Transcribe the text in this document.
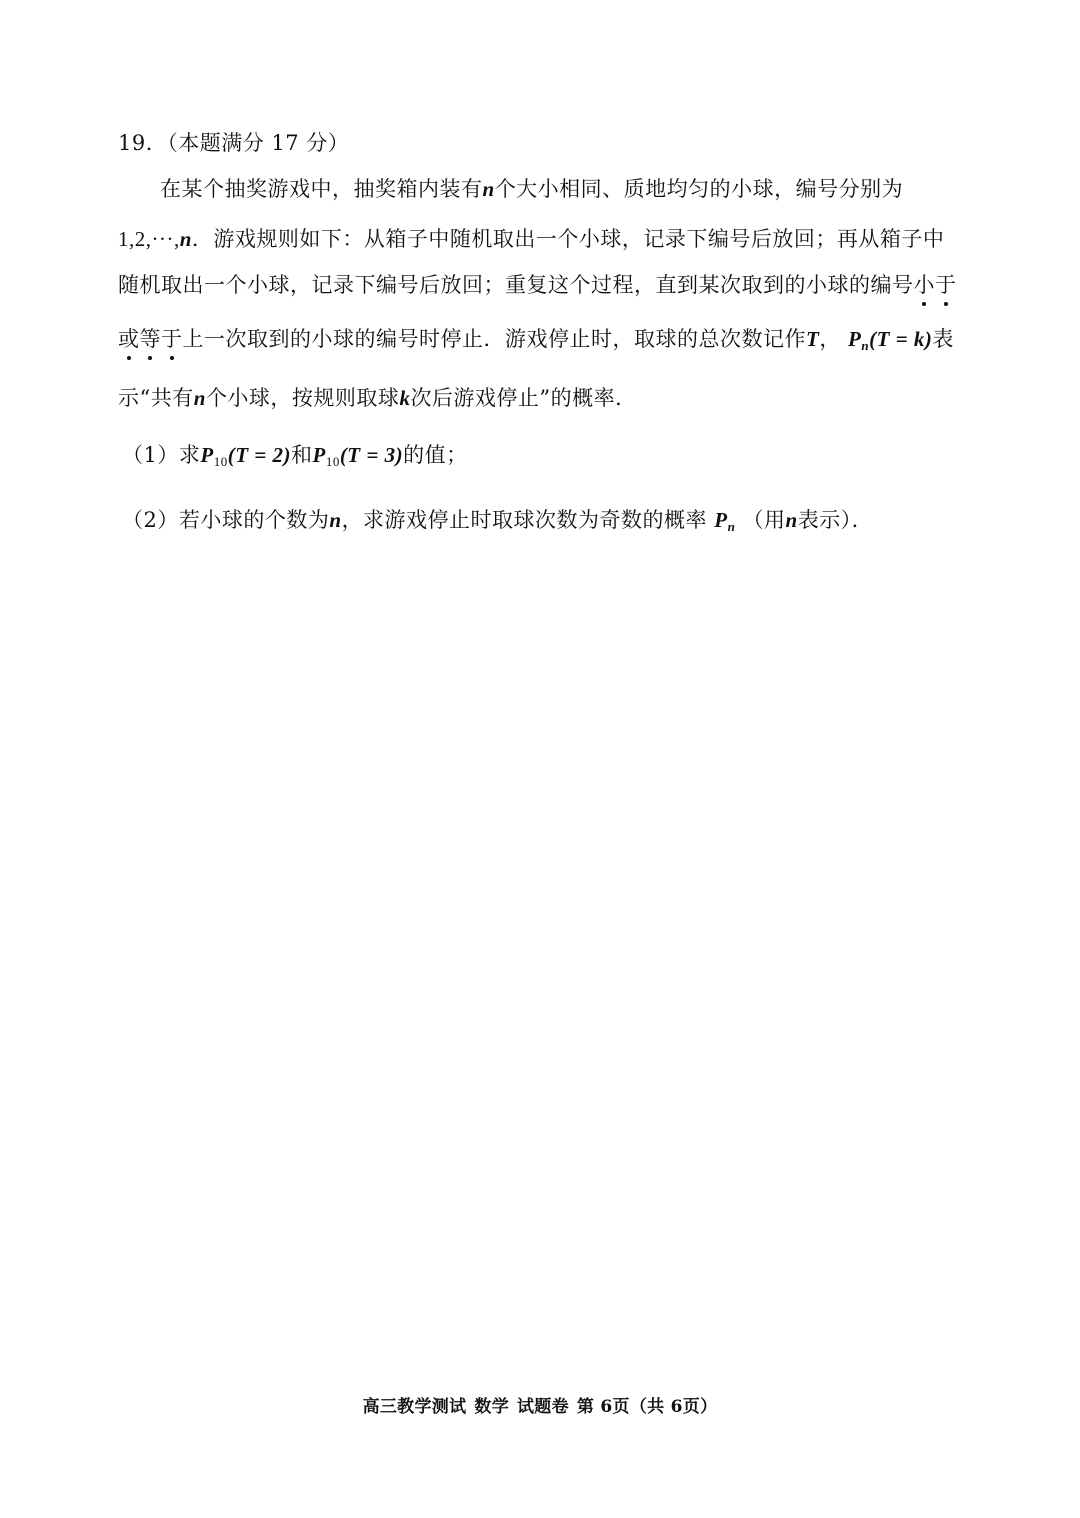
19．（本题满分 17 分）
在某个抽奖游戏中，抽奖箱内装有n个大小相同、质地均匀的小球，编号分别为
1,2,···,n．游戏规则如下：从箱子中随机取出一个小球，记录下编号后放回；再从箱子中
随机取出一个小球，记录下编号后放回；重复这个过程，直到某次取到的小球的编号小于
或等于上一次取到的小球的编号时停止．游戏停止时，取球的总次数记作T， $P_n(T = k)$表
示“共有n个小球，按规则取球k次后游戏停止”的概率．
（1）求$P_{10}(T = 2)$和$P_{10}(T = 3)$的值；
（2）若小球的个数为n，求游戏停止时取球次数为奇数的概率 $P_n$ （用n表示）．
高三教学测试 数学 试题卷 第 6页（共 6页）
